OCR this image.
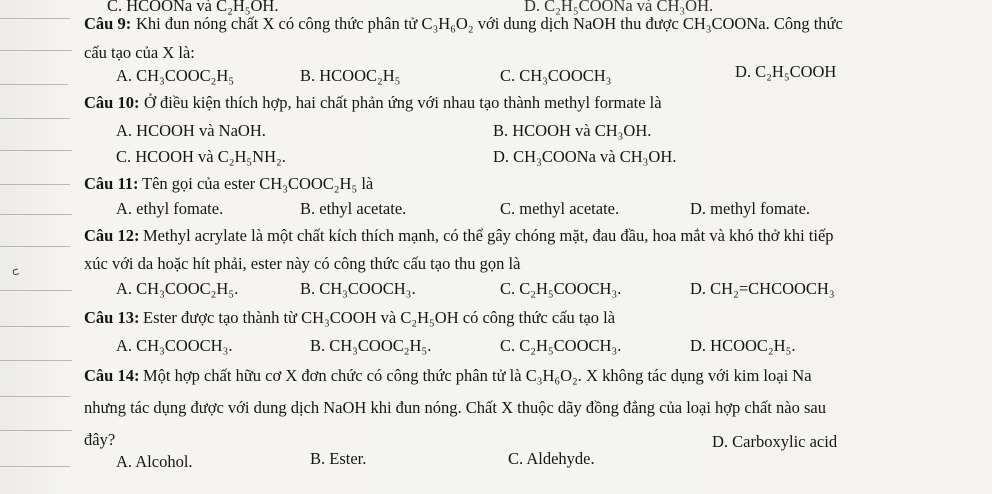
꜀
C. HCOONa và C₂H₅OH.	D. C₂H₅COONa và CH₃OH.
Câu 9: Khi đun nóng chất X có công thức phân tử C₃H₆O₂ với dung dịch NaOH thu được CH₃COONa. Công thức
cấu tạo của X là:
A. CH₃COOC₂H₅	B. HCOOC₂H₅	C. CH₃COOCH₃	D. C₂H₅COOH
Câu 10: Ở điều kiện thích hợp, hai chất phản ứng với nhau tạo thành methyl formate là
A. HCOOH và NaOH.	B. HCOOH và CH₃OH.
C. HCOOH và C₂H₅NH₂.	D. CH₃COONa và CH₃OH.
Câu 11: Tên gọi của ester CH₃COOC₂H₅ là
A. ethyl fomate.	B. ethyl acetate.	C. methyl acetate.	D. methyl fomate.
Câu 12: Methyl acrylate là một chất kích thích mạnh, có thể gây chóng mặt, đau đầu, hoa mắt và khó thở khi tiếp
xúc với da hoặc hít phải, ester này có công thức cấu tạo thu gọn là
A. CH₃COOC₂H₅.	B. CH₃COOCH₃.	C. C₂H₅COOCH₃.	D. CH₂=CHCOOCH₃
Câu 13: Ester được tạo thành từ CH₃COOH và C₂H₅OH có công thức cấu tạo là
A. CH₃COOCH₃.	B. CH₃COOC₂H₅.	C. C₂H₅COOCH₃.	D. HCOOC₂H₅.
Câu 14: Một hợp chất hữu cơ X đơn chức có công thức phân tử là C₃H₆O₂. X không tác dụng với kim loại Na
nhưng tác dụng được với dung dịch NaOH khi đun nóng. Chất X thuộc dãy đồng đẳng của loại hợp chất nào sau
đây?
A. Alcohol.	B. Ester.	C. Aldehyde.
D. Carboxylic acid
